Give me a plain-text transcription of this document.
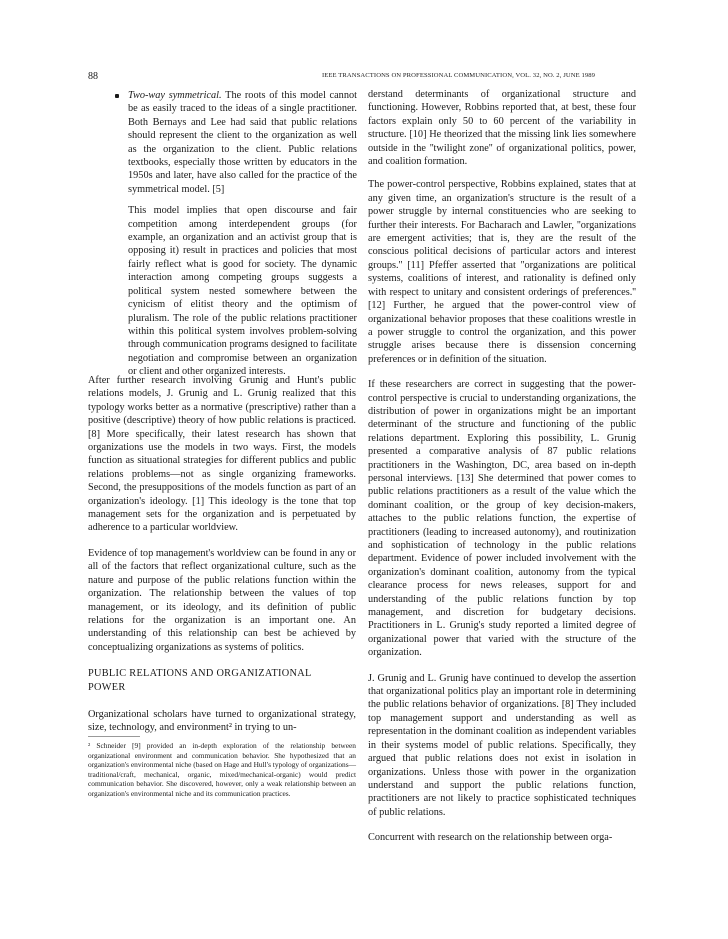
88	IEEE TRANSACTIONS ON PROFESSIONAL COMMUNICATION, VOL. 32, NO. 2, JUNE 1989

Two-way symmetrical. The roots of this model cannot be as easily traced to the ideas of a single practitioner. Both Bernays and Lee had said that public relations should represent the client to the organization as well as the organization to the client. Public relations textbooks, especially those written by educators in the 1950s and later, have also called for the practice of the symmetrical model. [5]

This model implies that open discourse and fair competition among interdependent groups (for example, an organization and an activist group that is opposing it) result in practices and policies that most fairly reflect what is good for society. The dynamic interaction among competing groups suggests a political system nested somewhere between the cynicism of elitist theory and the optimism of pluralism. The role of the public relations practitioner within this political system involves problem-solving through communication programs designed to facilitate negotiation and compromise between an organization or client and other organized interests.

After further research involving Grunig and Hunt's public relations models, J. Grunig and L. Grunig realized that this typology works better as a normative (prescriptive) rather than a positive (descriptive) theory of how public relations is practiced. [8] More specifically, their latest research has shown that organizations use the models in two ways. First, the models function as situational strategies for different publics and public relations problems—not as single organizing frameworks. Second, the presuppositions of the models function as part of an organization's ideology. [1] This ideology is the tone that top management sets for the organization and is perpetuated by adherence to a particular worldview.

Evidence of top management's worldview can be found in any or all of the factors that reflect organizational culture, such as the nature and purpose of the public relations function within the organization. The relationship between the values of top management, or its ideology, and its definition of public relations for the organization is an important one. An understanding of this relationship can best be achieved by conceptualizing organizations as systems of politics.

PUBLIC RELATIONS AND ORGANIZATIONAL
POWER

Organizational scholars have turned to organizational strategy, size, technology, and environment² in trying to un-

² Schneider [9] provided an in-depth exploration of the relationship between organizational environment and communication behavior. She hypothesized that an organization's environmental niche (based on Hage and Hull's typology of organizations—traditional/craft, mechanical, organic, mixed/mechanical-organic) would predict communication behavior. She discovered, however, only a weak relationship between an organization's environmental niche and its communication practices.

derstand determinants of organizational structure and functioning. However, Robbins reported that, at best, these four factors explain only 50 to 60 percent of the variability in structure. [10] He theorized that the missing link lies somewhere outside in the ''twilight zone'' of organizational politics, power, and coalition formation.

The power-control perspective, Robbins explained, states that at any given time, an organization's structure is the result of a power struggle by internal constituencies who are seeking to further their interests. For Bacharach and Lawler, ''organizations are emergent activities; that is, they are the result of the conscious political decisions of particular actors and interest groups.'' [11] Pfeffer asserted that ''organizations are political systems, coalitions of interest, and rationality is defined only with respect to unitary and consistent orderings of preferences.'' [12] Further, he argued that the power-control view of organizational behavior proposes that these coalitions wrestle in a power struggle to control the organization, and this power struggle arises because there is dissension concerning preferences or in definition of the situation.

If these researchers are correct in suggesting that the power-control perspective is crucial to understanding organizations, the distribution of power in organizations might be an important determinant of the structure and functioning of the public relations department. Exploring this possibility, L. Grunig presented a comparative analysis of 87 public relations practitioners in the Washington, DC, area based on in-depth personal interviews. [13] She determined that power comes to public relations practitioners as a result of the value which the dominant coalition, or the group of key decision-makers, attaches to the public relations function, the expertise of practitioners (leading to increased autonomy), and routinization and sophistication of technology in the public relations department. Evidence of power included involvement with the organization's dominant coalition, autonomy from the typical clearance process for news releases, support for and understanding of the public relations function by top management, and discretion for budgetary decisions. Practitioners in L. Grunig's study reported a limited degree of organizational power that varied with the structure of the organization.

J. Grunig and L. Grunig have continued to develop the assertion that organizational politics play an important role in determining the public relations behavior of organizations. [8] They included top management support and understanding as well as representation in the dominant coalition as independent variables in their systems model of public relations. Specifically, they argued that public relations does not exist in isolation in organizations. Unless those with power in the organization understand and support the public relations function, practitioners are not likely to practice sophisticated techniques of public relations.

Concurrent with research on the relationship between orga-
